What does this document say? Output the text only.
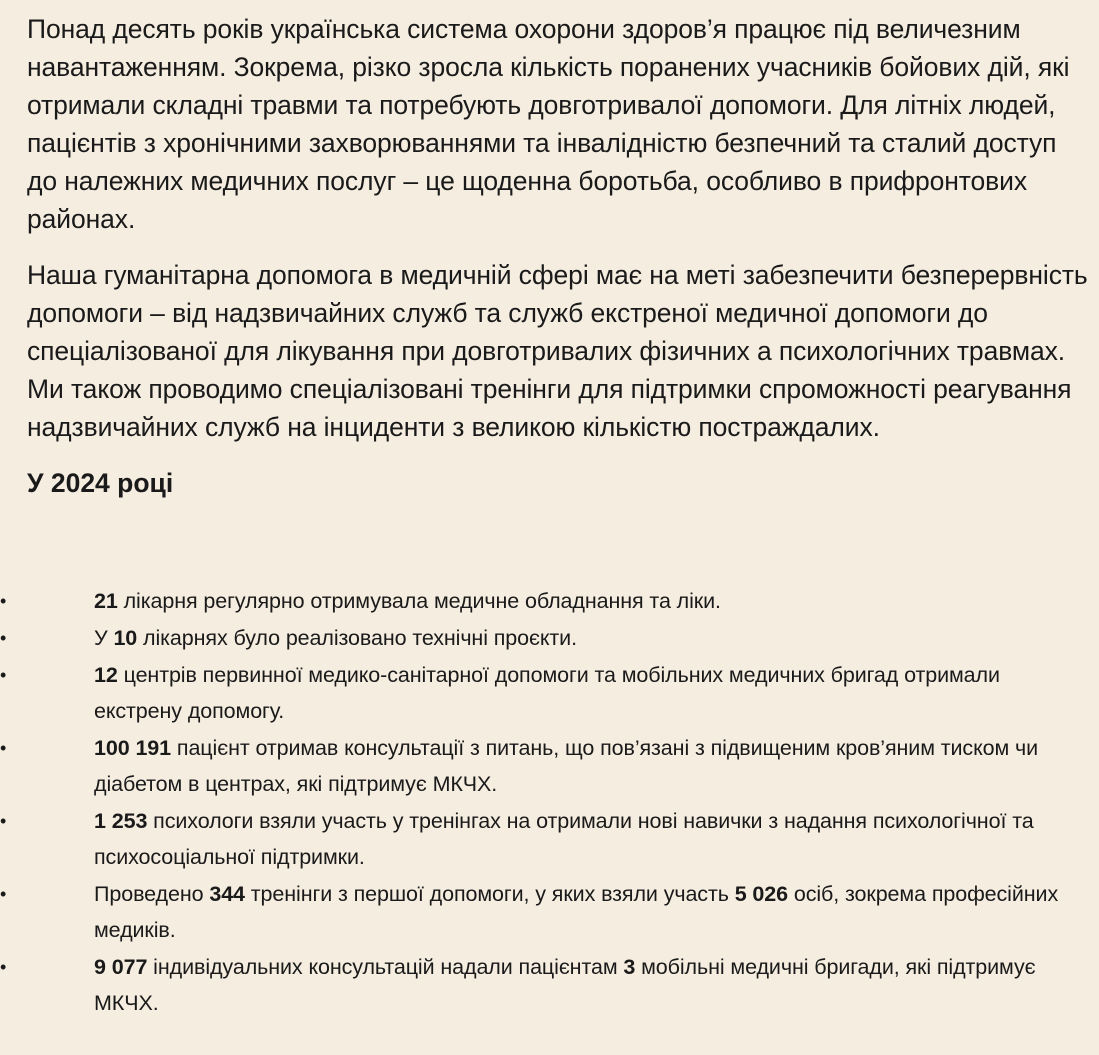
Понад десять років українська система охорони здоров’я працює під величезним навантаженням. Зокрема, різко зросла кількість поранених учасників бойових дій, які отримали складні травми та потребують довготривалої допомоги. Для літніх людей, пацієнтів з хронічними захворюваннями та інвалідністю безпечний та сталий доступ до належних медичних послуг – це щоденна боротьба, особливо в прифронтових районах.

Наша гуманітарна допомога в медичній сфері має на меті забезпечити безперервність допомоги – від надзвичайних служб та служб екстреної медичної допомоги до спеціалізованої для лікування при довготривалих фізичних а психологічних травмах. Ми також проводимо спеціалізовані тренінги для підтримки спроможності реагування надзвичайних служб на інциденти з великою кількістю постраждалих.

У 2024 році
•	21 лікарня регулярно отримувала медичне обладнання та ліки.
•	У 10 лікарнях було реалізовано технічні проєкти.
•	12 центрів первинної медико-санітарної допомоги та мобільних медичних бригад отримали екстрену допомогу.
•	100 191 пацієнт отримав консультації з питань, що пов’язані з підвищеним кров’яним тиском чи діабетом в центрах, які підтримує МКЧХ.
•	1 253 психологи взяли участь у тренінгах на отримали нові навички з надання психологічної та психосоціальної підтримки.
•	Проведено 344 тренінги з першої допомоги, у яких взяли участь 5 026 осіб, зокрема професійних медиків.
•	9 077 індивідуальних консультацій надали пацієнтам 3 мобільні медичні бригади, які підтримує МКЧХ.
